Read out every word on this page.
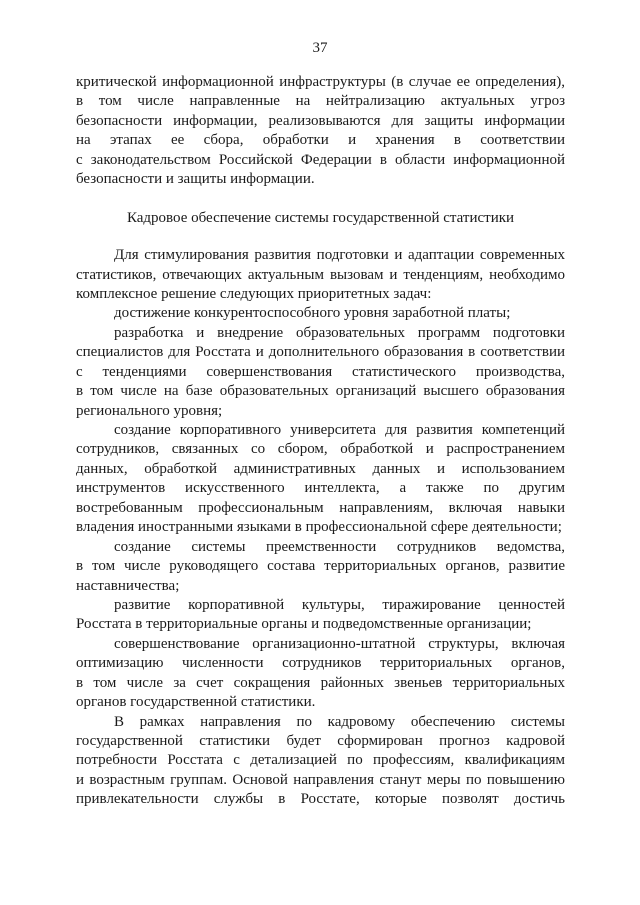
37
критической информационной инфраструктуры (в случае ее определения),
в том числе направленные на нейтрализацию актуальных угроз
безопасности информации, реализовываются для защиты информации
на этапах ее сбора, обработки и хранения в соответствии
с законодательством Российской Федерации в области информационной
безопасности и защиты информации.
Кадровое обеспечение системы государственной статистики
Для стимулирования развития подготовки и адаптации современных
статистиков, отвечающих актуальным вызовам и тенденциям, необходимо
комплексное решение следующих приоритетных задач:
достижение конкурентоспособного уровня заработной платы;
разработка и внедрение образовательных программ подготовки
специалистов для Росстата и дополнительного образования в соответствии
с тенденциями совершенствования статистического производства,
в том числе на базе образовательных организаций высшего образования
регионального уровня;
создание корпоративного университета для развития компетенций
сотрудников, связанных со сбором, обработкой и распространением
данных, обработкой административных данных и использованием
инструментов искусственного интеллекта, а также по другим
востребованным профессиональным направлениям, включая навыки
владения иностранными языками в профессиональной сфере деятельности;
создание системы преемственности сотрудников ведомства,
в том числе руководящего состава территориальных органов, развитие
наставничества;
развитие корпоративной культуры, тиражирование ценностей
Росстата в территориальные органы и подведомственные организации;
совершенствование организационно-штатной структуры, включая
оптимизацию численности сотрудников территориальных органов,
в том числе за счет сокращения районных звеньев территориальных
органов государственной статистики.
В рамках направления по кадровому обеспечению системы
государственной статистики будет сформирован прогноз кадровой
потребности Росстата с детализацией по профессиям, квалификациям
и возрастным группам. Основой направления станут меры по повышению
привлекательности службы в Росстате, которые позволят достичь
